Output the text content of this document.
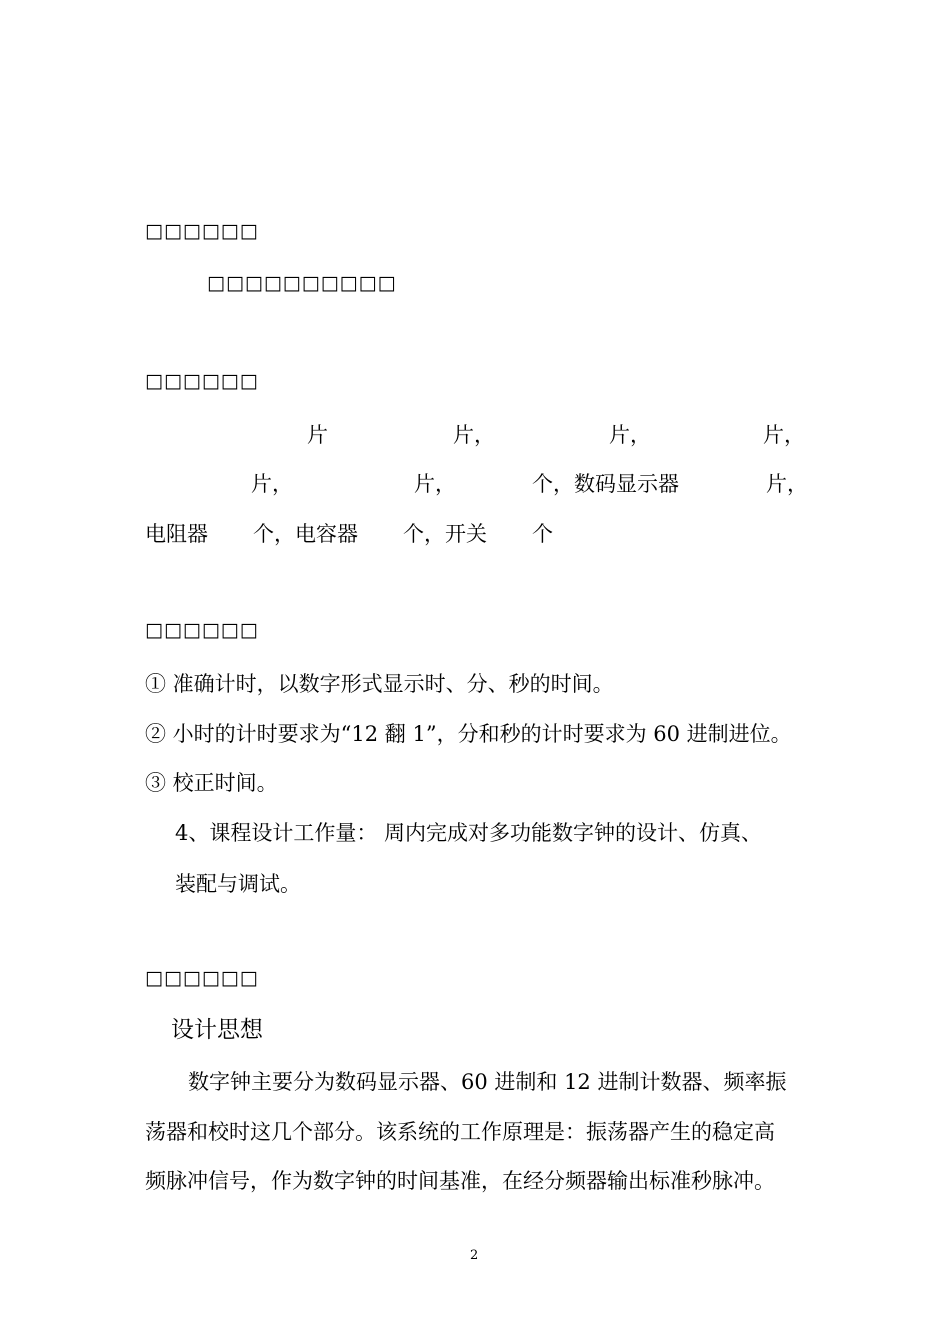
□□□□□□
□□□□□□□□□□
□□□□□□
片	片，	片，	片，
片，	片，	个，数码显示器	片，
电阻器 个，电容器 个，开关 个
□□□□□□
① 准确计时，以数字形式显示时、分、秒的时间。
② 小时的计时要求为“12 翻 1”，分和秒的计时要求为 60 进制进位。
③ 校正时间。
4、课程设计工作量： 周内完成对多功能数字钟的设计、仿真、
装配与调试。
□□□□□□
设计思想
数字钟主要分为数码显示器、60 进制和 12 进制计数器、频率振
荡器和校时这几个部分。该系统的工作原理是：振荡器产生的稳定高
频脉冲信号，作为数字钟的时间基准，在经分频器输出标准秒脉冲。
2
